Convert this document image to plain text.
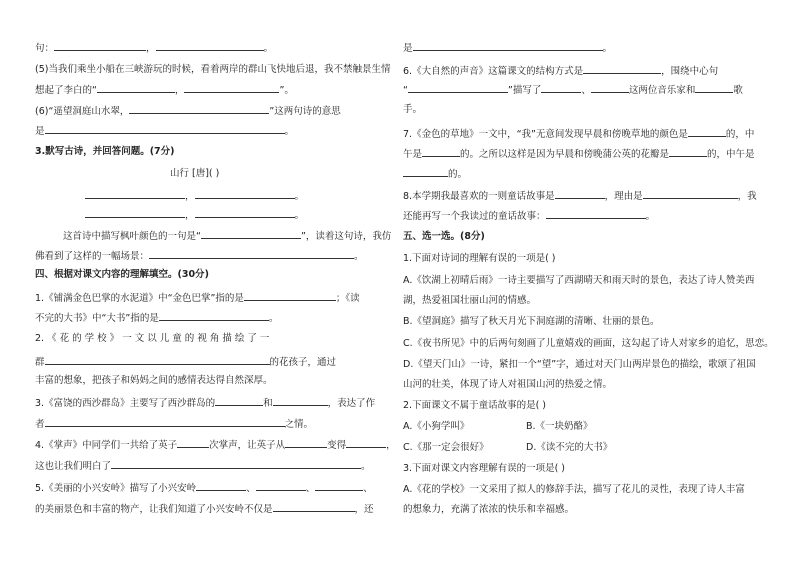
句：	，	。
(5)当我们乘坐小船在三峡游玩的时候，看着两岸的群山飞快地后退，我不禁触景生情
想起了李白的“	，	”。
(6)“遥望洞庭山水翠，	”这两句诗的意思
是	。
3.默写古诗，并回答问题。(7分)
山行 [唐]( )
，	。
，	。
这首诗中描写枫叶颜色的一句是“	”，读着这句诗，我仿
佛看到了这样的一幅场景：	。
四、根据对课文内容的理解填空。(30分)
1.《铺满金色巴掌的水泥道》中“金色巴掌”指的是	；《读
不完的大书》中“大书”指的是	。
2. 《 花 的 学 校 》 一 文 以 儿 童 的 视 角 描 绘 了 一
群	的花孩子，通过
丰富的想象，把孩子和妈妈之间的感情表达得自然深厚。
3.《富饶的西沙群岛》主要写了西沙群岛的	和	，表达了作
者	之情。
4.《掌声》中同学们一共给了英子	次掌声，让英子从	变得	，
这也让我们明白了	。
5.《美丽的小兴安岭》描写了小兴安岭	、	、	、
的美丽景色和丰富的物产，让我们知道了小兴安岭不仅是	，还
是	。
6.《大自然的声音》这篇课文的结构方式是	，围绕中心句
“	”描写了	、	这两位音乐家和	歌
手。
7.《金色的草地》一文中，“我”无意间发现早晨和傍晚草地的颜色是	的，中
午是	的。之所以这样是因为早晨和傍晚蒲公英的花瓣是	的，中午是
的。
8.本学期我最喜欢的一则童话故事是	，理由是	，我
还能再写一个我读过的童话故事：	。
五、选一选。(8分)
1.下面对诗词的理解有误的一项是( )
A.《饮湖上初晴后雨》一诗主要描写了西湖晴天和雨天时的景色，表达了诗人赞美西
湖，热爱祖国壮丽山河的情感。
B.《望洞庭》描写了秋天月光下洞庭湖的清晰、壮丽的景色。
C.《夜书所见》中的后两句刻画了儿童嬉戏的画面，这勾起了诗人对家乡的追忆，思恋。
D.《望天门山》一诗，紧扣一个“望”字，通过对天门山两岸景色的描绘，歌颂了祖国
山河的壮美，体现了诗人对祖国山河的热爱之情。
2.下面课文不属于童话故事的是( )
A.《小狗学叫》	B.《一块奶酪》
C.《那一定会很好》	D.《读不完的大书》
3.下面对课文内容理解有误的一项是( )
A.《花的学校》一文采用了拟人的修辞手法，描写了花儿的灵性，表现了诗人丰富
的想象力，充满了浓浓的快乐和幸福感。
